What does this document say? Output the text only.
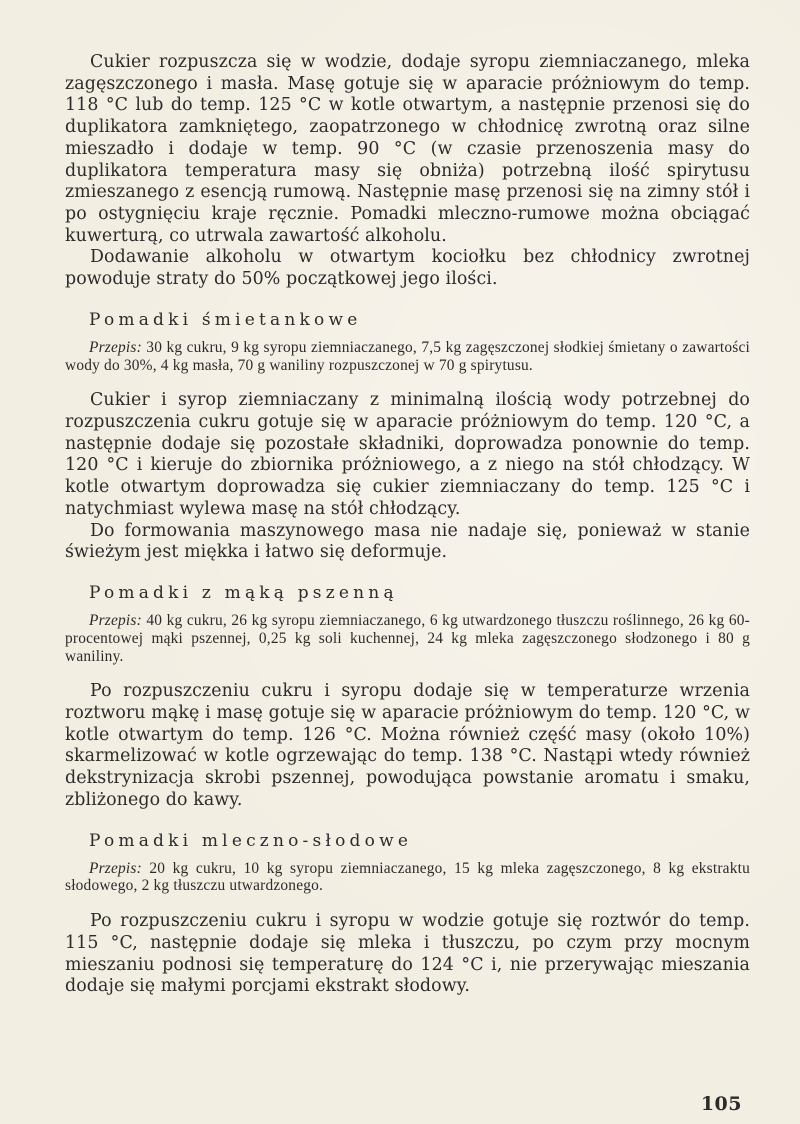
Cukier rozpuszcza się w wodzie, dodaje syropu ziemniaczanego, mleka zagęszczonego i masła. Masę gotuje się w aparacie próżniowym do temp. 118 °C lub do temp. 125 °C w kotle otwartym, a następnie przenosi się do duplikatora zamkniętego, zaopatrzonego w chłodnicę zwrotną oraz silne mieszadło i dodaje w temp. 90 °C (w czasie przenoszenia masy do duplikatora temperatura masy się obniża) potrzebną ilość spirytusu zmieszanego z esencją rumową. Następnie masę przenosi się na zimny stół i po ostygnięciu kraje ręcznie. Pomadki mleczno-rumowe można obciągać kuwerturą, co utrwala zawartość alkoholu.

Dodawanie alkoholu w otwartym kociołku bez chłodnicy zwrotnej powoduje straty do 50% początkowej jego ilości.

Pomadki śmietankowe

Przepis: 30 kg cukru, 9 kg syropu ziemniaczanego, 7,5 kg zagęszczonej słodkiej śmietany o zawartości wody do 30%, 4 kg masła, 70 g waniliny rozpuszczonej w 70 g spirytusu.

Cukier i syrop ziemniaczany z minimalną ilością wody potrzebnej do rozpuszczenia cukru gotuje się w aparacie próżniowym do temp. 120 °C, a następnie dodaje się pozostałe składniki, doprowadza ponownie do temp. 120 °C i kieruje do zbiornika próżniowego, a z niego na stół chłodzący. W kotle otwartym doprowadza się cukier ziemniaczany do temp. 125 °C i natychmiast wylewa masę na stół chłodzący.

Do formowania maszynowego masa nie nadaje się, ponieważ w stanie świeżym jest miękka i łatwo się deformuje.

Pomadki z mąką pszenną

Przepis: 40 kg cukru, 26 kg syropu ziemniaczanego, 6 kg utwardzonego tłuszczu roślinnego, 26 kg 60-procentowej mąki pszennej, 0,25 kg soli kuchennej, 24 kg mleka zagęszczonego słodzonego i 80 g waniliny.

Po rozpuszczeniu cukru i syropu dodaje się w temperaturze wrzenia roztworu mąkę i masę gotuje się w aparacie próżniowym do temp. 120 °C, w kotle otwartym do temp. 126 °C. Można również część masy (około 10%) skarmelizować w kotle ogrzewając do temp. 138 °C. Nastąpi wtedy również dekstrynizacja skrobi pszennej, powodująca powstanie aromatu i smaku, zbliżonego do kawy.

Pomadki mleczno-słodowe

Przepis: 20 kg cukru, 10 kg syropu ziemniaczanego, 15 kg mleka zagęszczonego, 8 kg ekstraktu słodowego, 2 kg tłuszczu utwardzonego.

Po rozpuszczeniu cukru i syropu w wodzie gotuje się roztwór do temp. 115 °C, następnie dodaje się mleka i tłuszczu, po czym przy mocnym mieszaniu podnosi się temperaturę do 124 °C i, nie przerywając mieszania dodaje się małymi porcjami ekstrakt słodowy.

105
